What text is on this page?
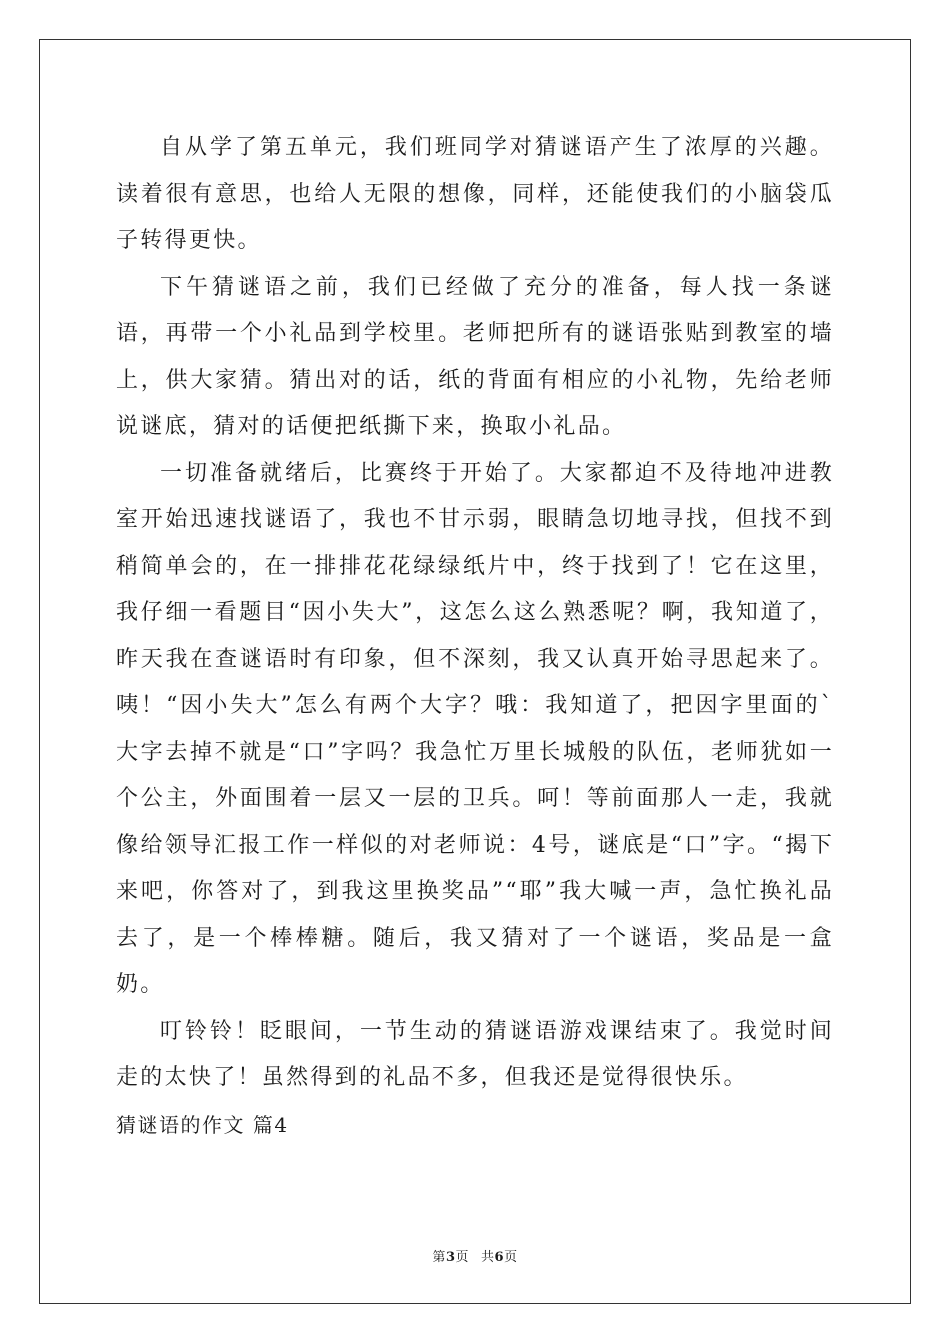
自从学了第五单元，我们班同学对猜谜语产生了浓厚的兴趣。读着很有意思，也给人无限的想像，同样，还能使我们的小脑袋瓜子转得更快。

下午猜谜语之前，我们已经做了充分的准备，每人找一条谜语，再带一个小礼品到学校里。老师把所有的谜语张贴到教室的墙上，供大家猜。猜出对的话，纸的背面有相应的小礼物，先给老师说谜底，猜对的话便把纸撕下来，换取小礼品。

一切准备就绪后，比赛终于开始了。大家都迫不及待地冲进教室开始迅速找谜语了，我也不甘示弱，眼睛急切地寻找，但找不到稍简单会的，在一排排花花绿绿纸片中，终于找到了！它在这里，我仔细一看题目“因小失大”，这怎么这么熟悉呢？啊，我知道了，昨天我在查谜语时有印象，但不深刻，我又认真开始寻思起来了。咦！“因小失大”怎么有两个大字？哦：我知道了，把因字里面的`大字去掉不就是“口”字吗？我急忙万里长城般的队伍，老师犹如一个公主，外面围着一层又一层的卫兵。呵！等前面那人一走，我就像给领导汇报工作一样似的对老师说：4号，谜底是“口”字。“揭下来吧，你答对了，到我这里换奖品”“耶”我大喊一声，急忙换礼品去了，是一个棒棒糖。随后，我又猜对了一个谜语，奖品是一盒奶。

叮铃铃！眨眼间，一节生动的猜谜语游戏课结束了。我觉时间走的太快了！虽然得到的礼品不多，但我还是觉得很快乐。

猜谜语的作文 篇4

第3页 共6页
